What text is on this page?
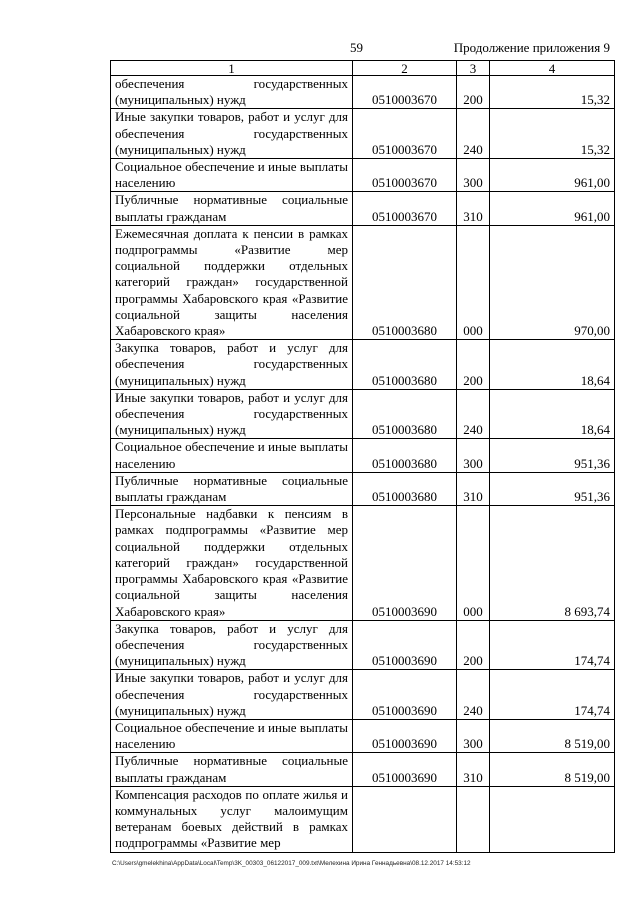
59	Продолжение приложения 9
1	2	3	4
обеспечения государственных (муниципальных) нужд	0510003670	200	15,32
Иные закупки товаров, работ и услуг для обеспечения государственных (муниципальных) нужд	0510003670	240	15,32
Социальное обеспечение и иные выплаты населению	0510003670	300	961,00
Публичные нормативные социальные выплаты гражданам	0510003670	310	961,00
Ежемесячная доплата к пенсии в рамках подпрограммы «Развитие мер социальной поддержки отдельных категорий граждан» государственной программы Хабаровского края «Развитие социальной защиты населения Хабаровского края»	0510003680	000	970,00
Закупка товаров, работ и услуг для обеспечения государственных (муниципальных) нужд	0510003680	200	18,64
Иные закупки товаров, работ и услуг для обеспечения государственных (муниципальных) нужд	0510003680	240	18,64
Социальное обеспечение и иные выплаты населению	0510003680	300	951,36
Публичные нормативные социальные выплаты гражданам	0510003680	310	951,36
Персональные надбавки к пенсиям в рамках подпрограммы «Развитие мер социальной поддержки отдельных категорий граждан» государственной программы Хабаровского края «Развитие социальной защиты населения Хабаровского края»	0510003690	000	8 693,74
Закупка товаров, работ и услуг для обеспечения государственных (муниципальных) нужд	0510003690	200	174,74
Иные закупки товаров, работ и услуг для обеспечения государственных (муниципальных) нужд	0510003690	240	174,74
Социальное обеспечение и иные выплаты населению	0510003690	300	8 519,00
Публичные нормативные социальные выплаты гражданам	0510003690	310	8 519,00
Компенсация расходов по оплате жилья и коммунальных услуг малоимущим ветеранам боевых действий в рамках подпрограммы «Развитие мер			
C:\Users\gmelekhina\AppData\Local\Temp\3K_00303_06122017_009.txt\Мелехина Ирина Геннадьевна\08.12.2017 14:53:12
